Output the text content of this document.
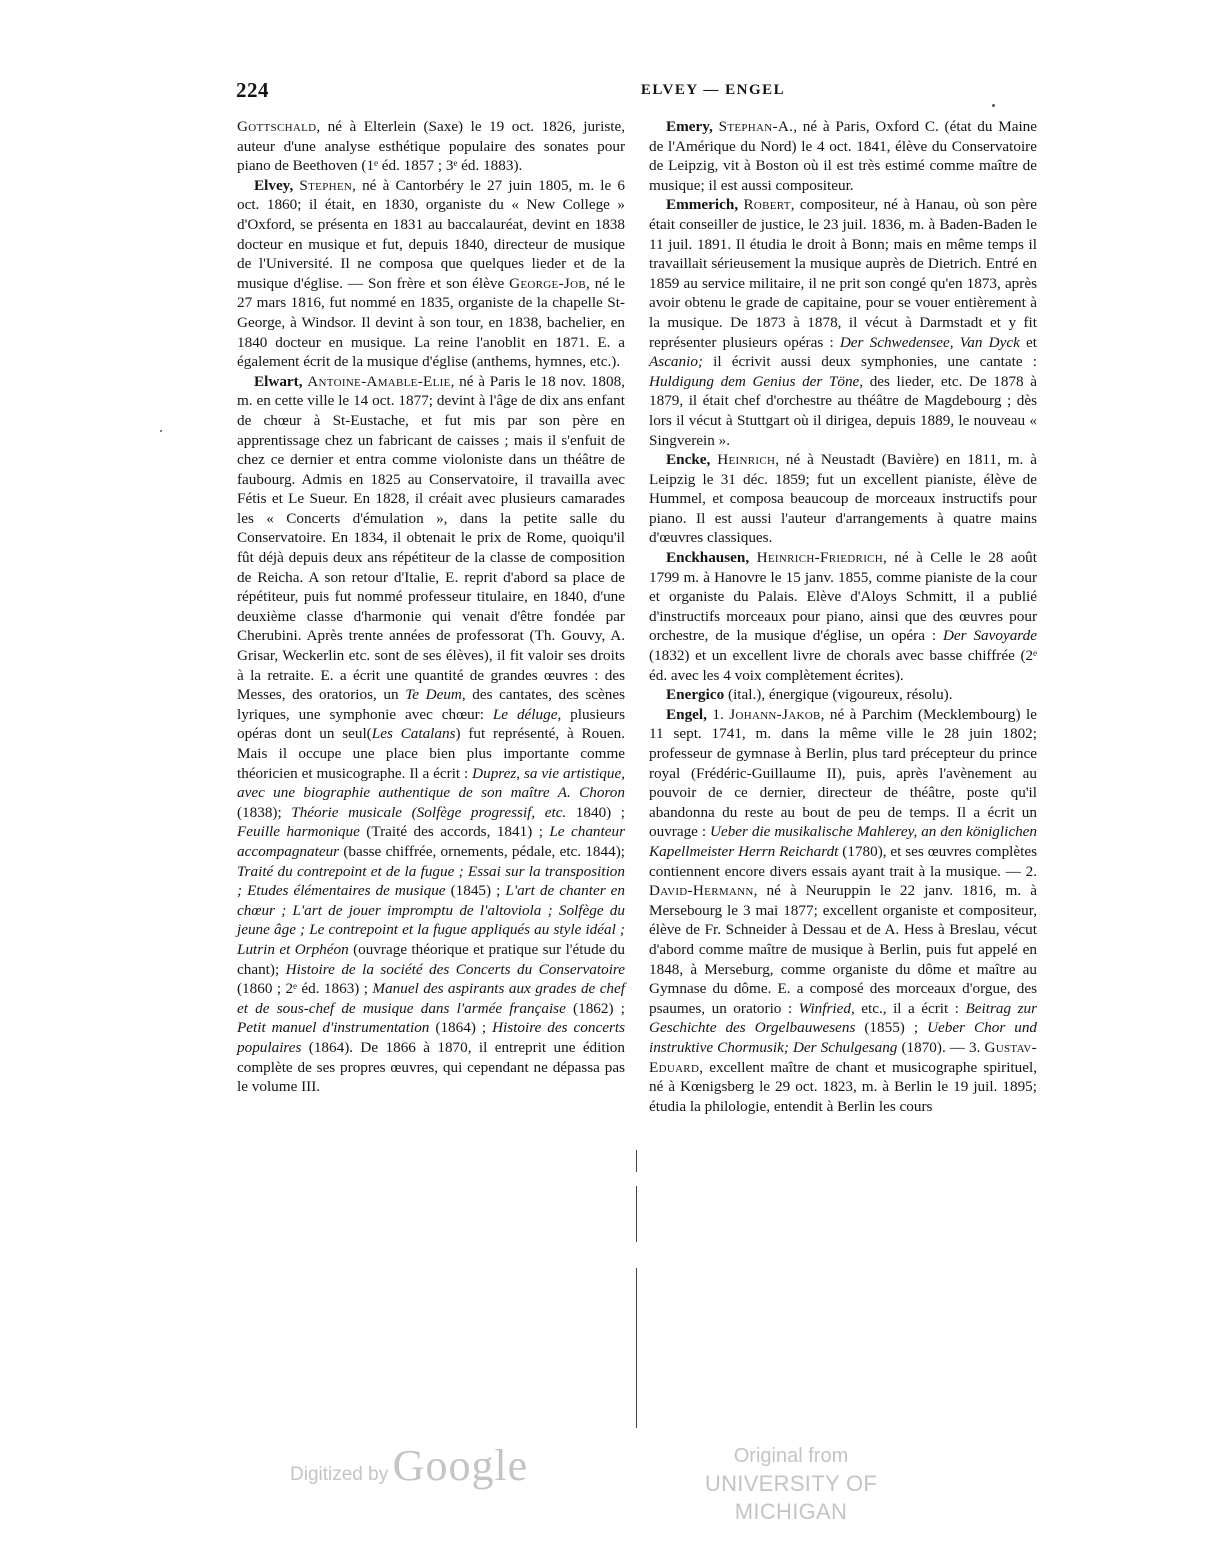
224	ELVEY — ENGEL

Gottschald, né à Elterlein (Saxe) le 19 oct. 1826, juriste, auteur d'une analyse esthétique populaire des sonates pour piano de Beethoven (1ᵉ éd. 1857 ; 3ᵉ éd. 1883).

Elvey, Stephen, né à Cantorbéry le 27 juin 1805, m. le 6 oct. 1860; il était, en 1830, organiste du « New College » d'Oxford, se présenta en 1831 au baccalauréat, devint en 1838 docteur en musique et fut, depuis 1840, directeur de musique de l'Université. Il ne composa que quelques lieder et de la musique d'église. — Son frère et son élève George-Job, né le 27 mars 1816, fut nommé en 1835, organiste de la chapelle St-George, à Windsor. Il devint à son tour, en 1838, bachelier, en 1840 docteur en musique. La reine l'anoblit en 1871. E. a également écrit de la musique d'église (anthems, hymnes, etc.).

Elwart, Antoine-Amable-Elie, né à Paris le 18 nov. 1808, m. en cette ville le 14 oct. 1877; devint à l'âge de dix ans enfant de chœur à St-Eustache, et fut mis par son père en apprentissage chez un fabricant de caisses ; mais il s'enfuit de chez ce dernier et entra comme violoniste dans un théâtre de faubourg. Admis en 1825 au Conservatoire, il travailla avec Fétis et Le Sueur. En 1828, il créait avec plusieurs camarades les « Concerts d'émulation », dans la petite salle du Conservatoire. En 1834, il obtenait le prix de Rome, quoiqu'il fût déjà depuis deux ans répétiteur de la classe de composition de Reicha. A son retour d'Italie, E. reprit d'abord sa place de répétiteur, puis fut nommé professeur titulaire, en 1840, d'une deuxième classe d'harmonie qui venait d'être fondée par Cherubini. Après trente années de professorat (Th. Gouvy, A. Grisar, Weckerlin etc. sont de ses élèves), il fit valoir ses droits à la retraite. E. a écrit une quantité de grandes œuvres : des Messes, des oratorios, un Te Deum, des cantates, des scènes lyriques, une symphonie avec chœur: Le déluge, plusieurs opéras dont un seul(Les Catalans) fut représenté, à Rouen. Mais il occupe une place bien plus importante comme théoricien et musicographe. Il a écrit : Duprez, sa vie artistique, avec une biographie authentique de son maître A. Choron (1838); Théorie musicale (Solfège progressif, etc. 1840) ; Feuille harmonique (Traité des accords, 1841) ; Le chanteur accompagnateur (basse chiffrée, ornements, pédale, etc. 1844); Traité du contrepoint et de la fugue ; Essai sur la transposition ; Etudes élémentaires de musique (1845) ; L'art de chanter en chœur ; L'art de jouer impromptu de l'altoviola ; Solfège du jeune âge ; Le contrepoint et la fugue appliqués au style idéal ; Lutrin et Orphéon (ouvrage théorique et pratique sur l'étude du chant); Histoire de la société des Concerts du Conservatoire (1860 ; 2ᵉ éd. 1863) ; Manuel des aspirants aux grades de chef et de sous-chef de musique dans l'armée française (1862) ; Petit manuel d'instrumentation (1864) ; Histoire des concerts populaires (1864). De 1866 à 1870, il entreprit une édition complète de ses propres œuvres, qui cependant ne dépassa pas le volume III.

Emery, Stephan-A., né à Paris, Oxford C. (état du Maine de l'Amérique du Nord) le 4 oct. 1841, élève du Conservatoire de Leipzig, vit à Boston où il est très estimé comme maître de musique; il est aussi compositeur.

Emmerich, Robert, compositeur, né à Hanau, où son père était conseiller de justice, le 23 juil. 1836, m. à Baden-Baden le 11 juil. 1891. Il étudia le droit à Bonn; mais en même temps il travaillait sérieusement la musique auprès de Dietrich. Entré en 1859 au service militaire, il ne prit son congé qu'en 1873, après avoir obtenu le grade de capitaine, pour se vouer entièrement à la musique. De 1873 à 1878, il vécut à Darmstadt et y fit représenter plusieurs opéras : Der Schwedensee, Van Dyck et Ascanio; il écrivit aussi deux symphonies, une cantate : Huldigung dem Genius der Töne, des lieder, etc. De 1878 à 1879, il était chef d'orchestre au théâtre de Magdebourg ; dès lors il vécut à Stuttgart où il dirigea, depuis 1889, le nouveau « Singverein ».

Encke, Heinrich, né à Neustadt (Bavière) en 1811, m. à Leipzig le 31 déc. 1859; fut un excellent pianiste, élève de Hummel, et composa beaucoup de morceaux instructifs pour piano. Il est aussi l'auteur d'arrangements à quatre mains d'œuvres classiques.

Enckhausen, Heinrich-Friedrich, né à Celle le 28 août 1799 m. à Hanovre le 15 janv. 1855, comme pianiste de la cour et organiste du Palais. Elève d'Aloys Schmitt, il a publié d'instructifs morceaux pour piano, ainsi que des œuvres pour orchestre, de la musique d'église, un opéra : Der Savoyarde (1832) et un excellent livre de chorals avec basse chiffrée (2ᵉ éd. avec les 4 voix complètement écrites).

Energico (ital.), énergique (vigoureux, résolu).

Engel, 1. Johann-Jakob, né à Parchim (Mecklembourg) le 11 sept. 1741, m. dans la même ville le 28 juin 1802; professeur de gymnase à Berlin, plus tard précepteur du prince royal (Frédéric-Guillaume II), puis, après l'avènement au pouvoir de ce dernier, directeur de théâtre, poste qu'il abandonna du reste au bout de peu de temps. Il a écrit un ouvrage : Ueber die musikalische Mahlerey, an den königlichen Kapellmeister Herrn Reichardt (1780), et ses œuvres complètes contiennent encore divers essais ayant trait à la musique. — 2. David-Hermann, né à Neuruppin le 22 janv. 1816, m. à Mersebourg le 3 mai 1877; excellent organiste et compositeur, élève de Fr. Schneider à Dessau et de A. Hess à Breslau, vécut d'abord comme maître de musique à Berlin, puis fut appelé en 1848, à Merseburg, comme organiste du dôme et maître au Gymnase du dôme. E. a composé des morceaux d'orgue, des psaumes, un oratorio : Winfried, etc., il a écrit : Beitrag zur Geschichte des Orgelbauwesens (1855) ; Ueber Chor und instruktive Chormusik; Der Schulgesang (1870). — 3. Gustav-Eduard, excellent maître de chant et musicographe spirituel, né à Kœnigsberg le 29 oct. 1823, m. à Berlin le 19 juil. 1895; étudia la philologie, entendit à Berlin les cours

Digitized by Google	Original from
UNIVERSITY OF MICHIGAN
